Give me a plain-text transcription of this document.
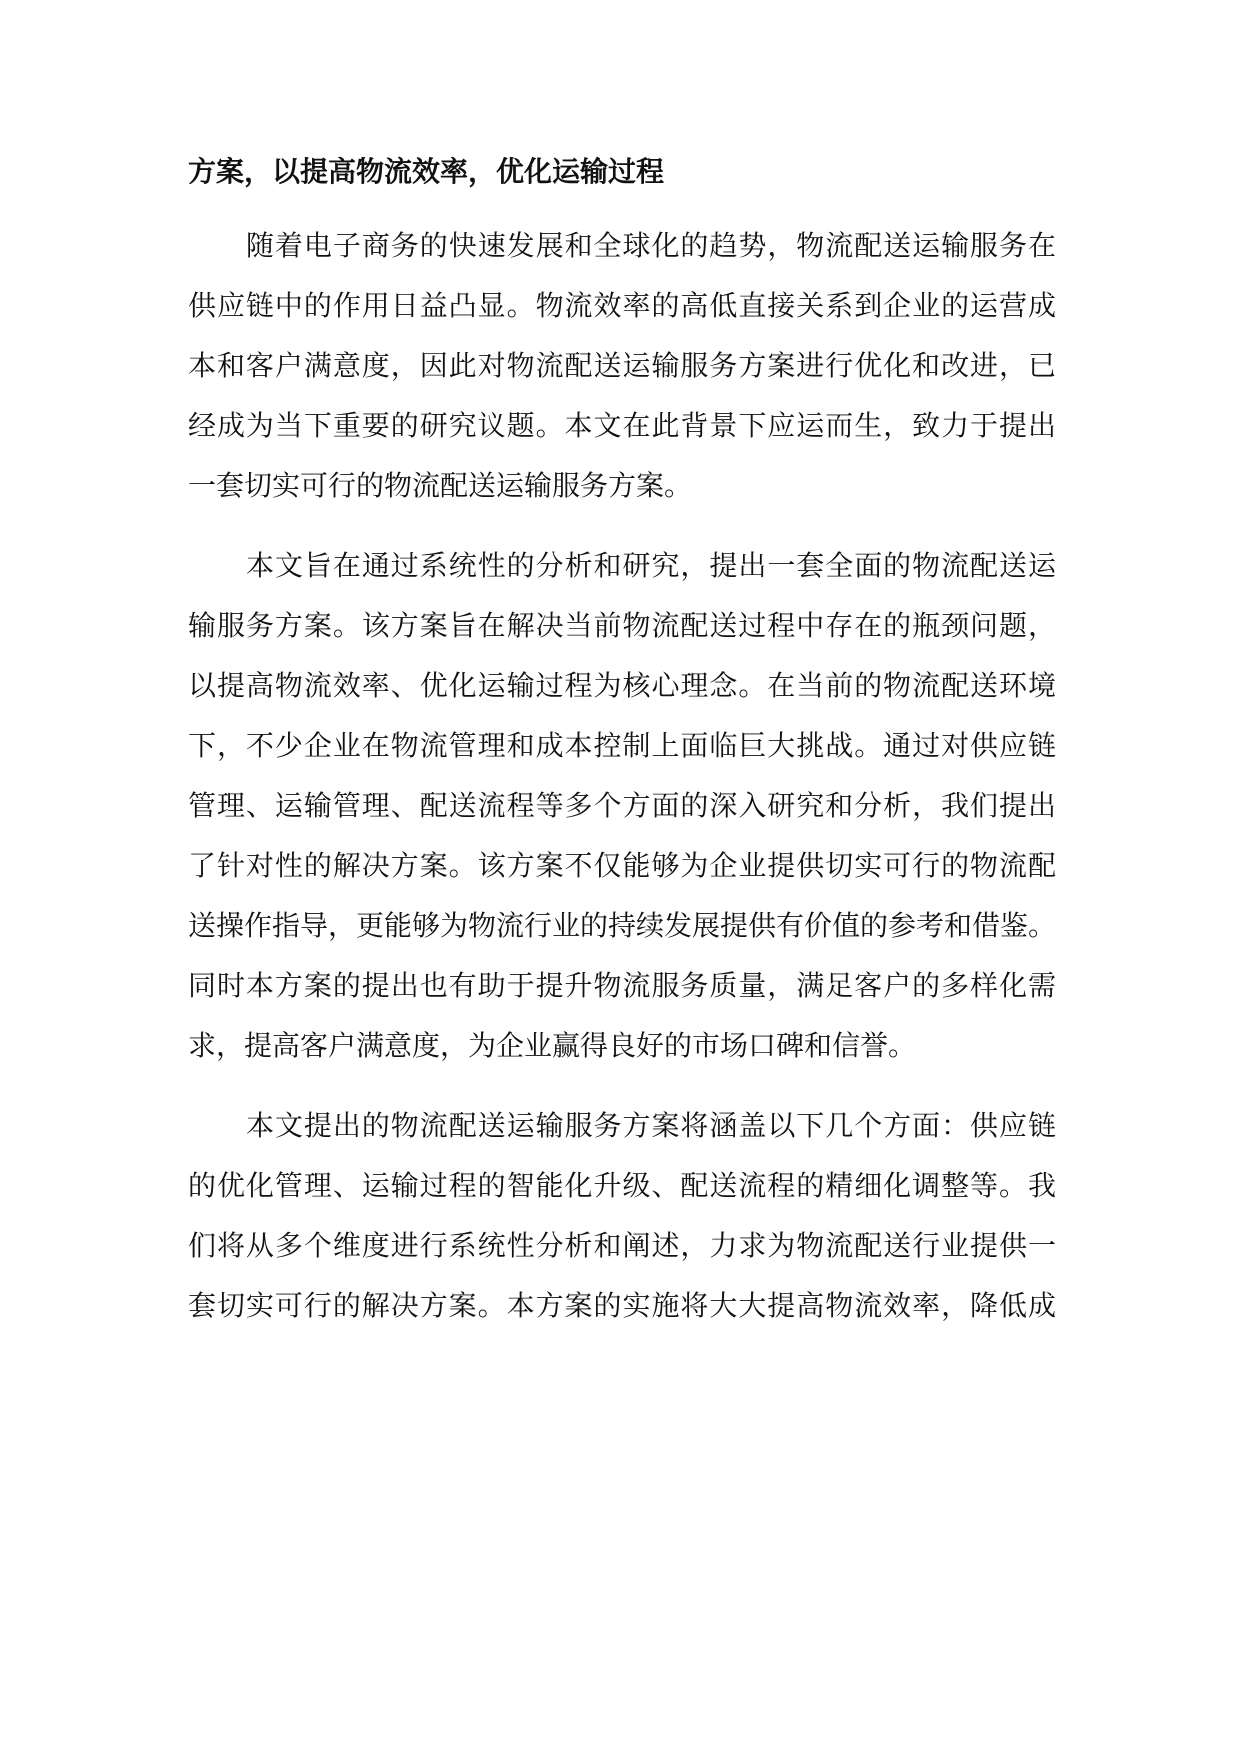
方案，以提高物流效率，优化运输过程
随着电子商务的快速发展和全球化的趋势，物流配送运输服务在
供应链中的作用日益凸显。物流效率的高低直接关系到企业的运营成
本和客户满意度，因此对物流配送运输服务方案进行优化和改进，已
经成为当下重要的研究议题。本文在此背景下应运而生，致力于提出
一套切实可行的物流配送运输服务方案。
本文旨在通过系统性的分析和研究，提出一套全面的物流配送运
输服务方案。该方案旨在解决当前物流配送过程中存在的瓶颈问题，
以提高物流效率、优化运输过程为核心理念。在当前的物流配送环境
下，不少企业在物流管理和成本控制上面临巨大挑战。通过对供应链
管理、运输管理、配送流程等多个方面的深入研究和分析，我们提出
了针对性的解决方案。该方案不仅能够为企业提供切实可行的物流配
送操作指导，更能够为物流行业的持续发展提供有价值的参考和借鉴。
同时本方案的提出也有助于提升物流服务质量，满足客户的多样化需
求，提高客户满意度，为企业赢得良好的市场口碑和信誉。
本文提出的物流配送运输服务方案将涵盖以下几个方面：供应链
的优化管理、运输过程的智能化升级、配送流程的精细化调整等。我
们将从多个维度进行系统性分析和阐述，力求为物流配送行业提供一
套切实可行的解决方案。本方案的实施将大大提高物流效率，降低成
